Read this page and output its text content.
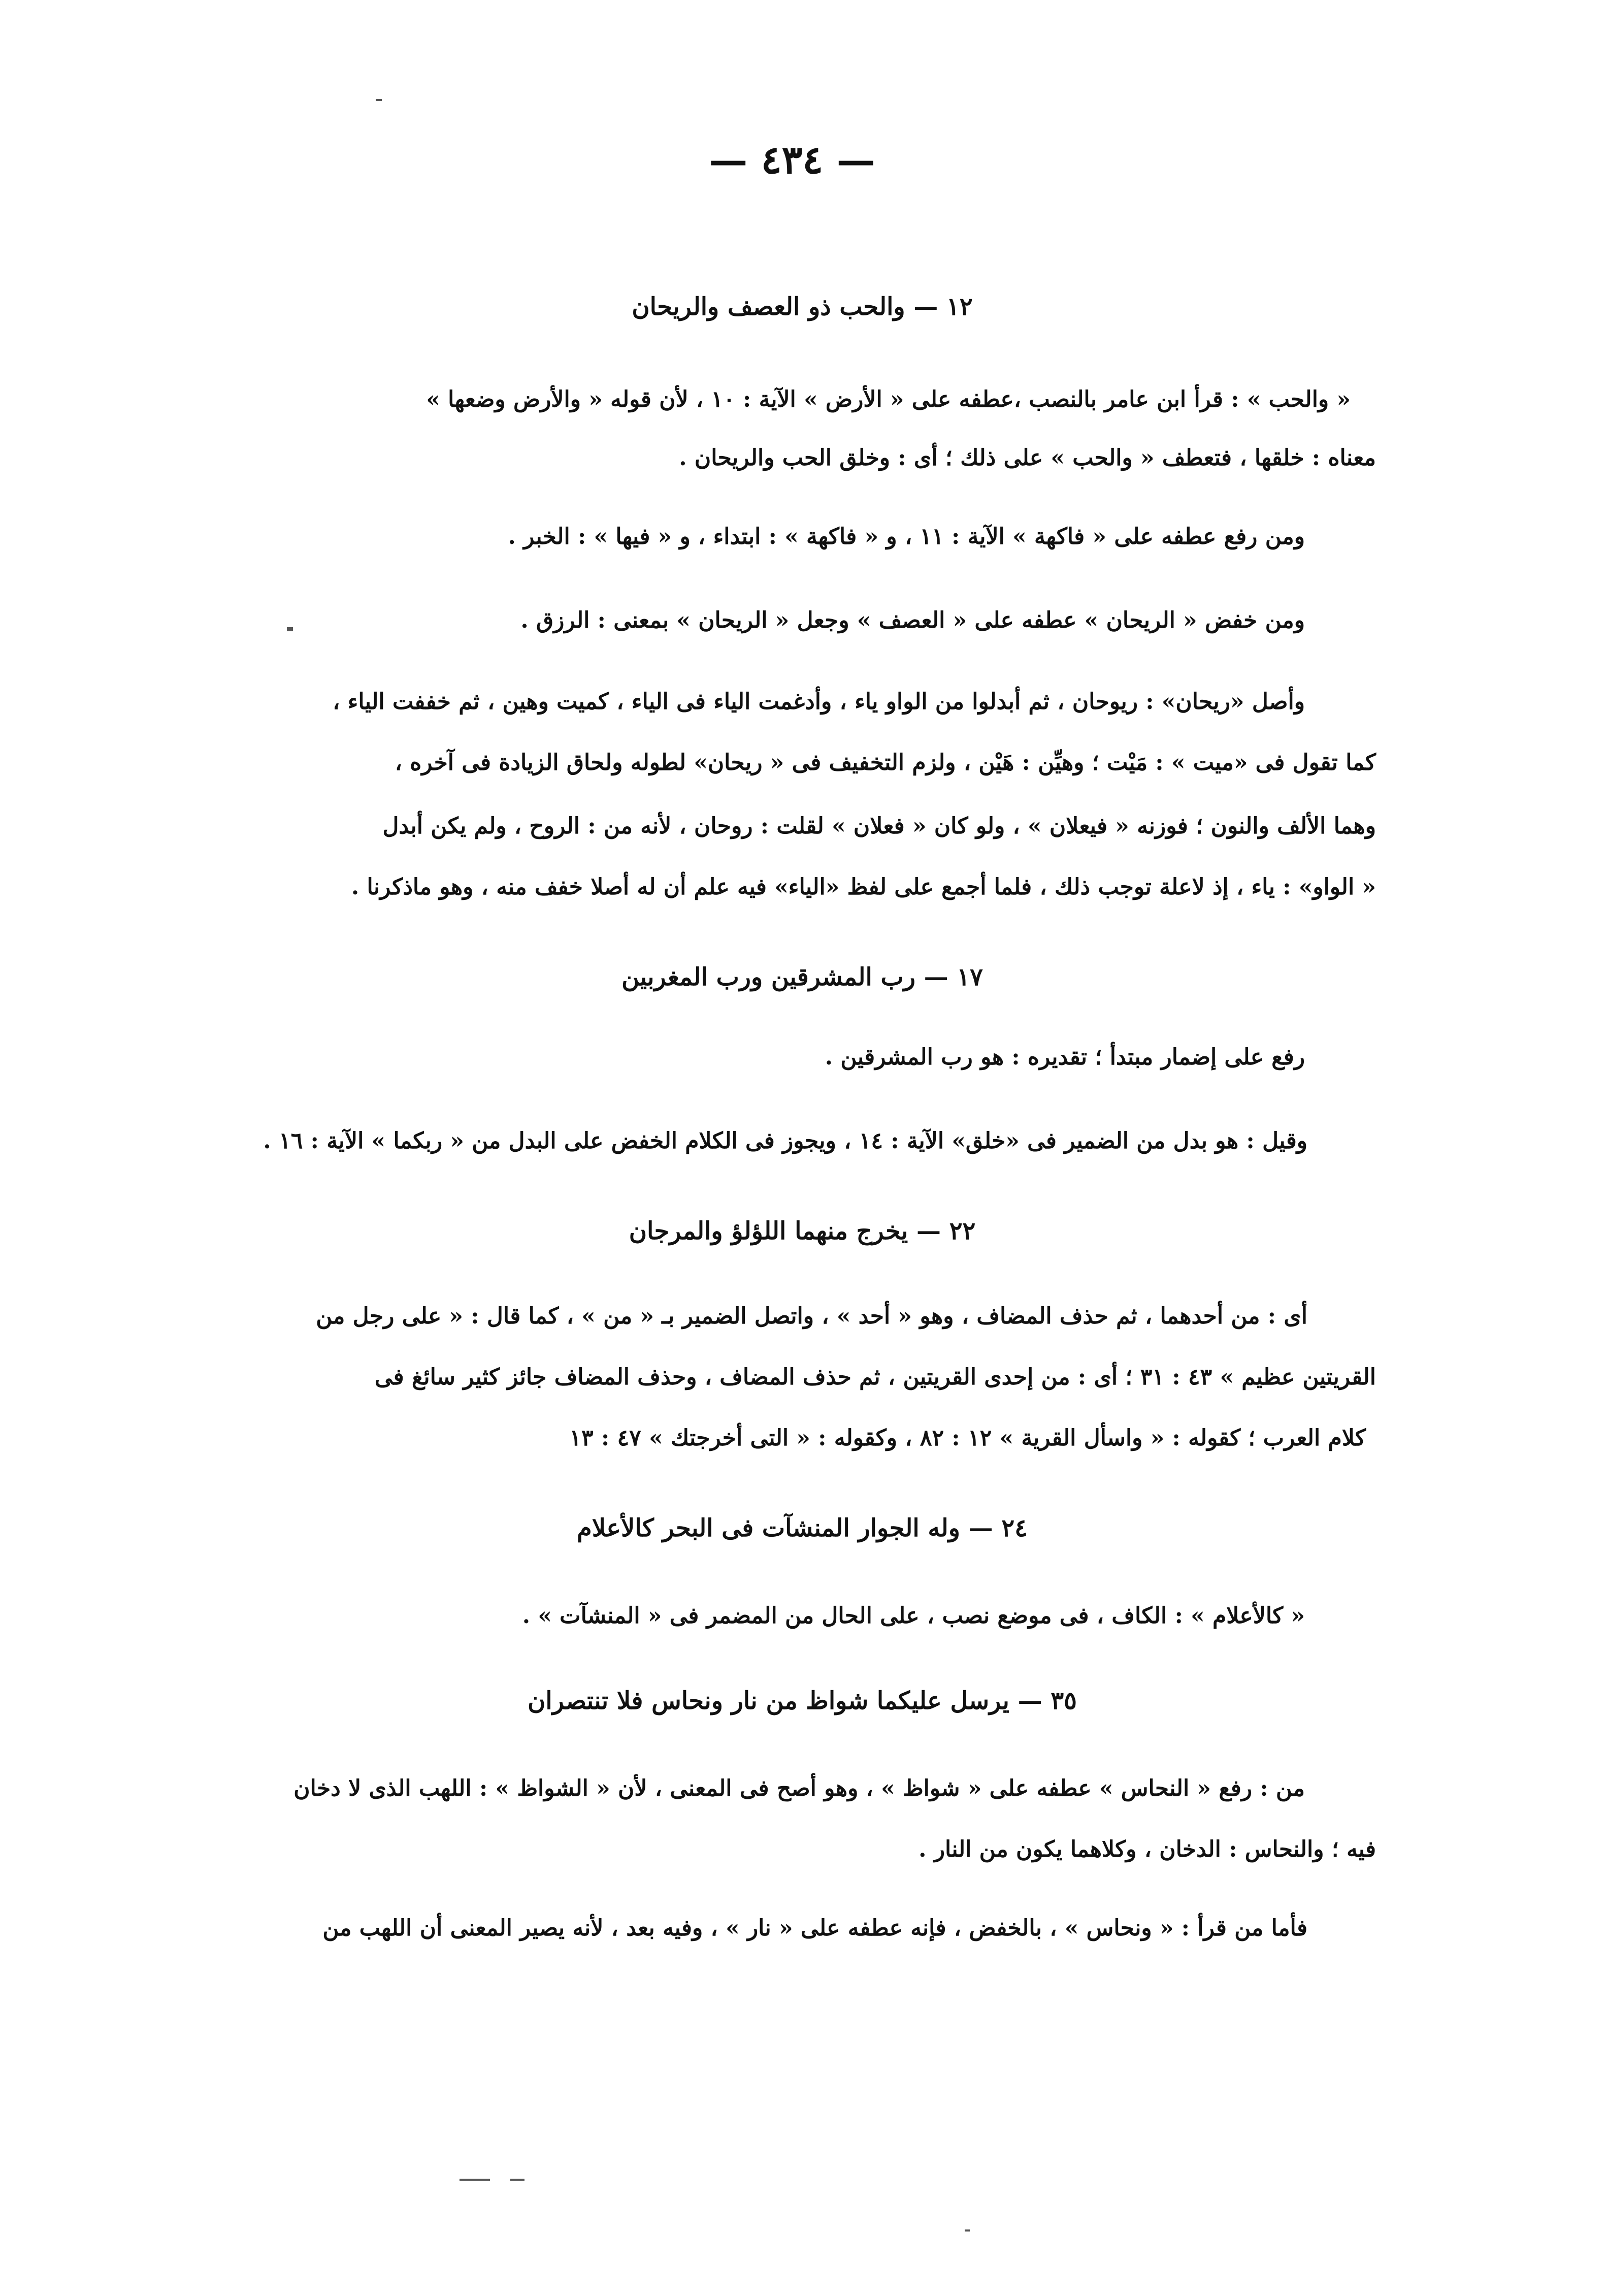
— ٤٣٤ —
١٢ — والحب ذو العصف والريحان
« والحب » : قرأ ابن عامر بالنصب ،عطفه على « الأرض » الآية : ١٠ ، لأن قوله « والأرض وضعها »
معناه : خلقها ، فتعطف « والحب » على ذلك ؛ أى : وخلق الحب والريحان .
ومن رفع عطفه على « فاكهة » الآية : ١١ ، و « فاكهة » : ابتداء ، و « فيها » : الخبر .
ومن خفض « الريحان » عطفه على « العصف » وجعل « الريحان » بمعنى : الرزق .
وأصل «ريحان» : ريوحان ، ثم أبدلوا من الواو ياء ، وأدغمت الياء فى الياء ، كميت وهين ، ثم خففت الياء ،
كما تقول فى «ميت » : مَيْت ؛ وهيِّن : هَيْن ، ولزم التخفيف فى « ريحان» لطوله ولحاق الزيادة فى آخره ،
وهما الألف والنون ؛ فوزنه « فيعلان » ، ولو كان « فعلان » لقلت : روحان ، لأنه من : الروح ، ولم يكن أبدل
« الواو» : ياء ، إذ لاعلة توجب ذلك ، فلما أجمع على لفظ «الياء» فيه علم أن له أصلا خفف منه ، وهو ماذكرنا .
١٧ — رب المشرقين ورب المغربين
رفع على إضمار مبتدأ ؛ تقديره : هو رب المشرقين .
وقيل : هو بدل من الضمير فى «خلق» الآية : ١٤ ، ويجوز فى الكلام الخفض على البدل من « ربكما » الآية : ١٦ .
٢٢ — يخرج منهما اللؤلؤ والمرجان
أى : من أحدهما ، ثم حذف المضاف ، وهو « أحد » ، واتصل الضمير بـ « من » ، كما قال : « على رجل من
القريتين عظيم » ٤٣ : ٣١ ؛ أى : من إحدى القريتين ، ثم حذف المضاف ، وحذف المضاف جائز كثير سائغ فى
كلام العرب ؛ كقوله : « واسأل القرية » ١٢ : ٨٢ ، وكقوله : « التى أخرجتك » ٤٧ : ١٣
٢٤ — وله الجوار المنشآت فى البحر كالأعلام
« كالأعلام » : الكاف ، فى موضع نصب ، على الحال من المضمر فى « المنشآت » .
٣٥ — يرسل عليكما شواظ من نار ونحاس فلا تنتصران
من : رفع « النحاس » عطفه على « شواظ » ، وهو أصح فى المعنى ، لأن « الشواظ » : اللهب الذى لا دخان
فيه ؛ والنحاس : الدخان ، وكلاهما يكون من النار .
فأما من قرأ : « ونحاس » ، بالخفض ، فإنه عطفه على « نار » ، وفيه بعد ، لأنه يصير المعنى أن اللهب من
